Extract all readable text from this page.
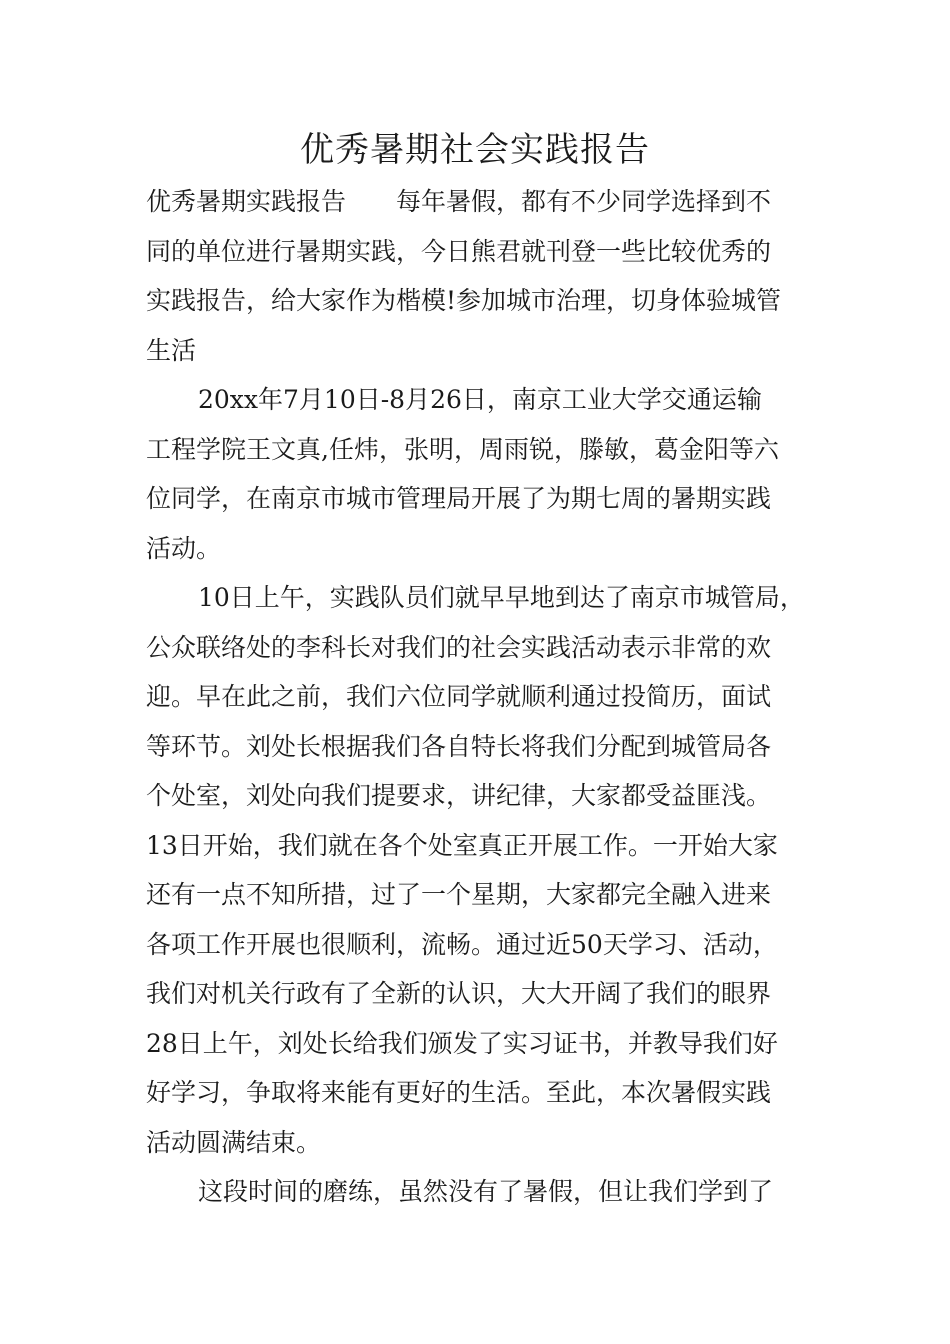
优秀暑期社会实践报告
优秀暑期实践报告　　每年暑假，都有不少同学选择到不
同的单位进行暑期实践，今日熊君就刊登一些比较优秀的
实践报告，给大家作为楷模!参加城市治理，切身体验城管
生活
20xx年7月10日-8月26日，南京工业大学交通运输
工程学院王文真,任炜，张明，周雨锐，滕敏，葛金阳等六
位同学，在南京市城市管理局开展了为期七周的暑期实践
活动。
10日上午，实践队员们就早早地到达了南京市城管局，
公众联络处的李科长对我们的社会实践活动表示非常的欢
迎。早在此之前，我们六位同学就顺利通过投简历，面试
等环节。刘处长根据我们各自特长将我们分配到城管局各
个处室，刘处向我们提要求，讲纪律，大家都受益匪浅。
13日开始，我们就在各个处室真正开展工作。一开始大家
还有一点不知所措，过了一个星期，大家都完全融入进来
各项工作开展也很顺利，流畅。通过近50天学习、活动，
我们对机关行政有了全新的认识，大大开阔了我们的眼界
28日上午，刘处长给我们颁发了实习证书，并教导我们好
好学习，争取将来能有更好的生活。至此，本次暑假实践
活动圆满结束。
这段时间的磨练，虽然没有了暑假，但让我们学到了
